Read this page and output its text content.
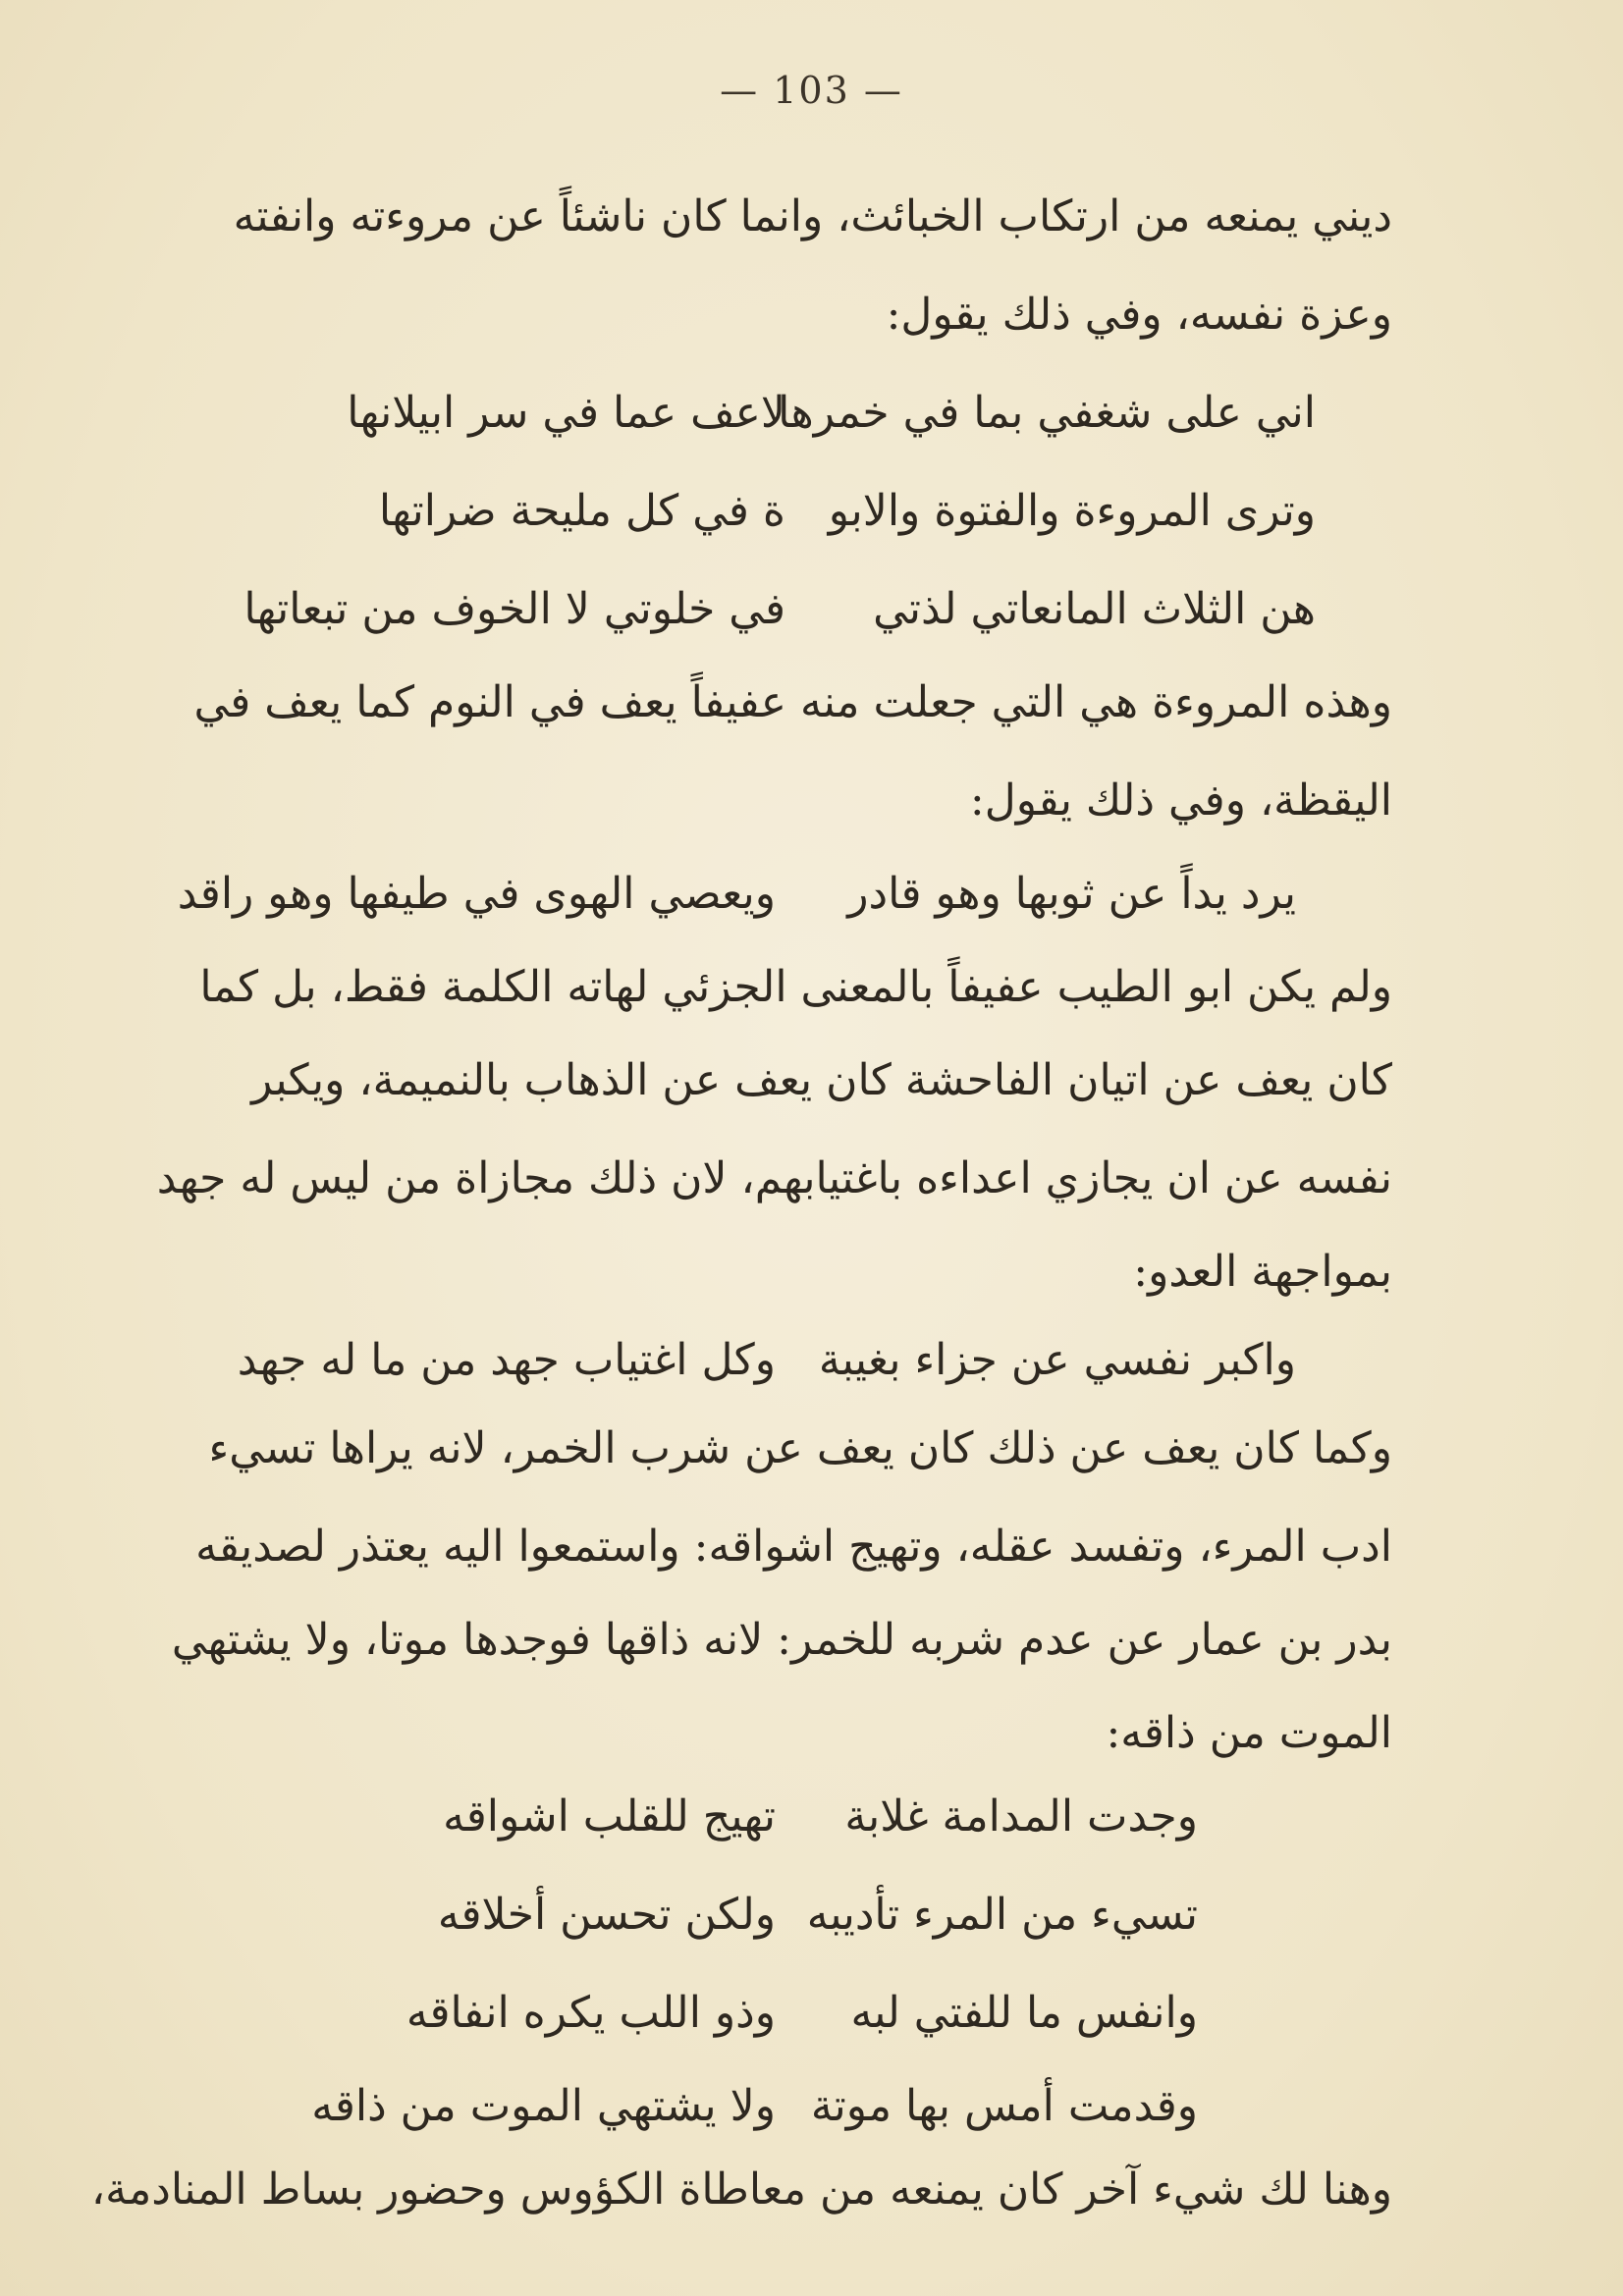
— 103 —
ديني يمنعه من ارتكاب الخبائث، وانما كان ناشئاً عن مروءته وانفته
وعزة نفسه، وفي ذلك يقول:
اني على شغفي بما في خمرها
لاعف عما في سر ابيلانها
وترى المروءة والفتوة والابو
ة في كل مليحة ضراتها
هن الثلاث المانعاتي لذتي
في خلوتي لا الخوف من تبعاتها
وهذه المروءة هي التي جعلت منه عفيفاً يعف في النوم كما يعف في
اليقظة، وفي ذلك يقول:
يرد يداً عن ثوبها وهو قادر
ويعصي الهوى في طيفها وهو راقد
ولم يكن ابو الطيب عفيفاً بالمعنى الجزئي لهاته الكلمة فقط، بل كما
كان يعف عن اتيان الفاحشة كان يعف عن الذهاب بالنميمة، ويكبر
نفسه عن ان يجازي اعداءه باغتيابهم، لان ذلك مجازاة من ليس له جهد
بمواجهة العدو:
واكبر نفسي عن جزاء بغيبة
وكل اغتياب جهد من ما له جهد
وكما كان يعف عن ذلك كان يعف عن شرب الخمر، لانه يراها تسيء
ادب المرء، وتفسد عقله، وتهيج اشواقه: واستمعوا اليه يعتذر لصديقه
بدر بن عمار عن عدم شربه للخمر: لانه ذاقها فوجدها موتا، ولا يشتهي
الموت من ذاقه:
وجدت المدامة غلابة
تهيج للقلب اشواقه
تسيء من المرء تأديبه
ولكن تحسن أخلاقه
وانفس ما للفتي لبه
وذو اللب يكره انفاقه
وقدمت أمس بها موتة
ولا يشتهي الموت من ذاقه
وهنا لك شيء آخر كان يمنعه من معاطاة الكؤوس وحضور بساط المنادمة،
